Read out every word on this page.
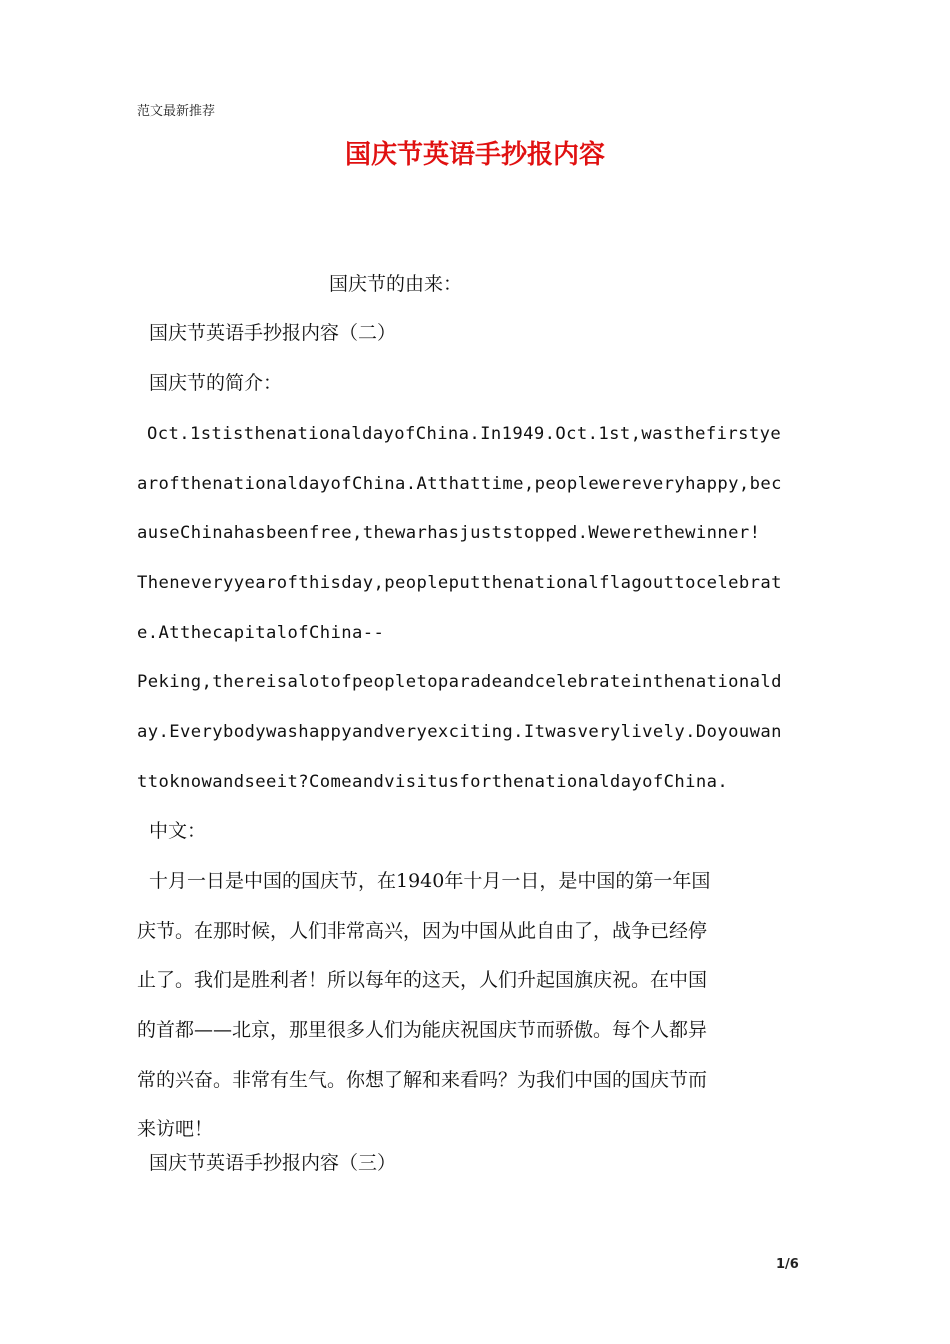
范文最新推荐
国庆节英语手抄报内容
国庆节的由来：
国庆节英语手抄报内容（二）
国庆节的简介：
Oct.1stisthenationaldayofChina.In1949.Oct.1st,wasthefirstye
arofthenationaldayofChina.Atthattime,peoplewereveryhappy,bec
auseChinahasbeenfree,thewarhasjuststopped.Wewerethewinner!
Theneveryyearofthisday,peopleputthenationalflagouttocelebrat
e.AtthecapitalofChina--
Peking,thereisalotofpeopletoparadeandcelebrateinthenationald
ay.Everybodywashappyandveryexciting.Itwasverylively.Doyouwan
ttoknowandseeit?ComeandvisitusforthenationaldayofChina.
中文：
十月一日是中国的国庆节，在1940年十月一日，是中国的第一年国
庆节。在那时候，人们非常高兴，因为中国从此自由了，战争已经停
止了。我们是胜利者！所以每年的这天，人们升起国旗庆祝。在中国
的首都——北京，那里很多人们为能庆祝国庆节而骄傲。每个人都异
常的兴奋。非常有生气。你想了解和来看吗？为我们中国的国庆节而
来访吧！
国庆节英语手抄报内容（三）
1/6
